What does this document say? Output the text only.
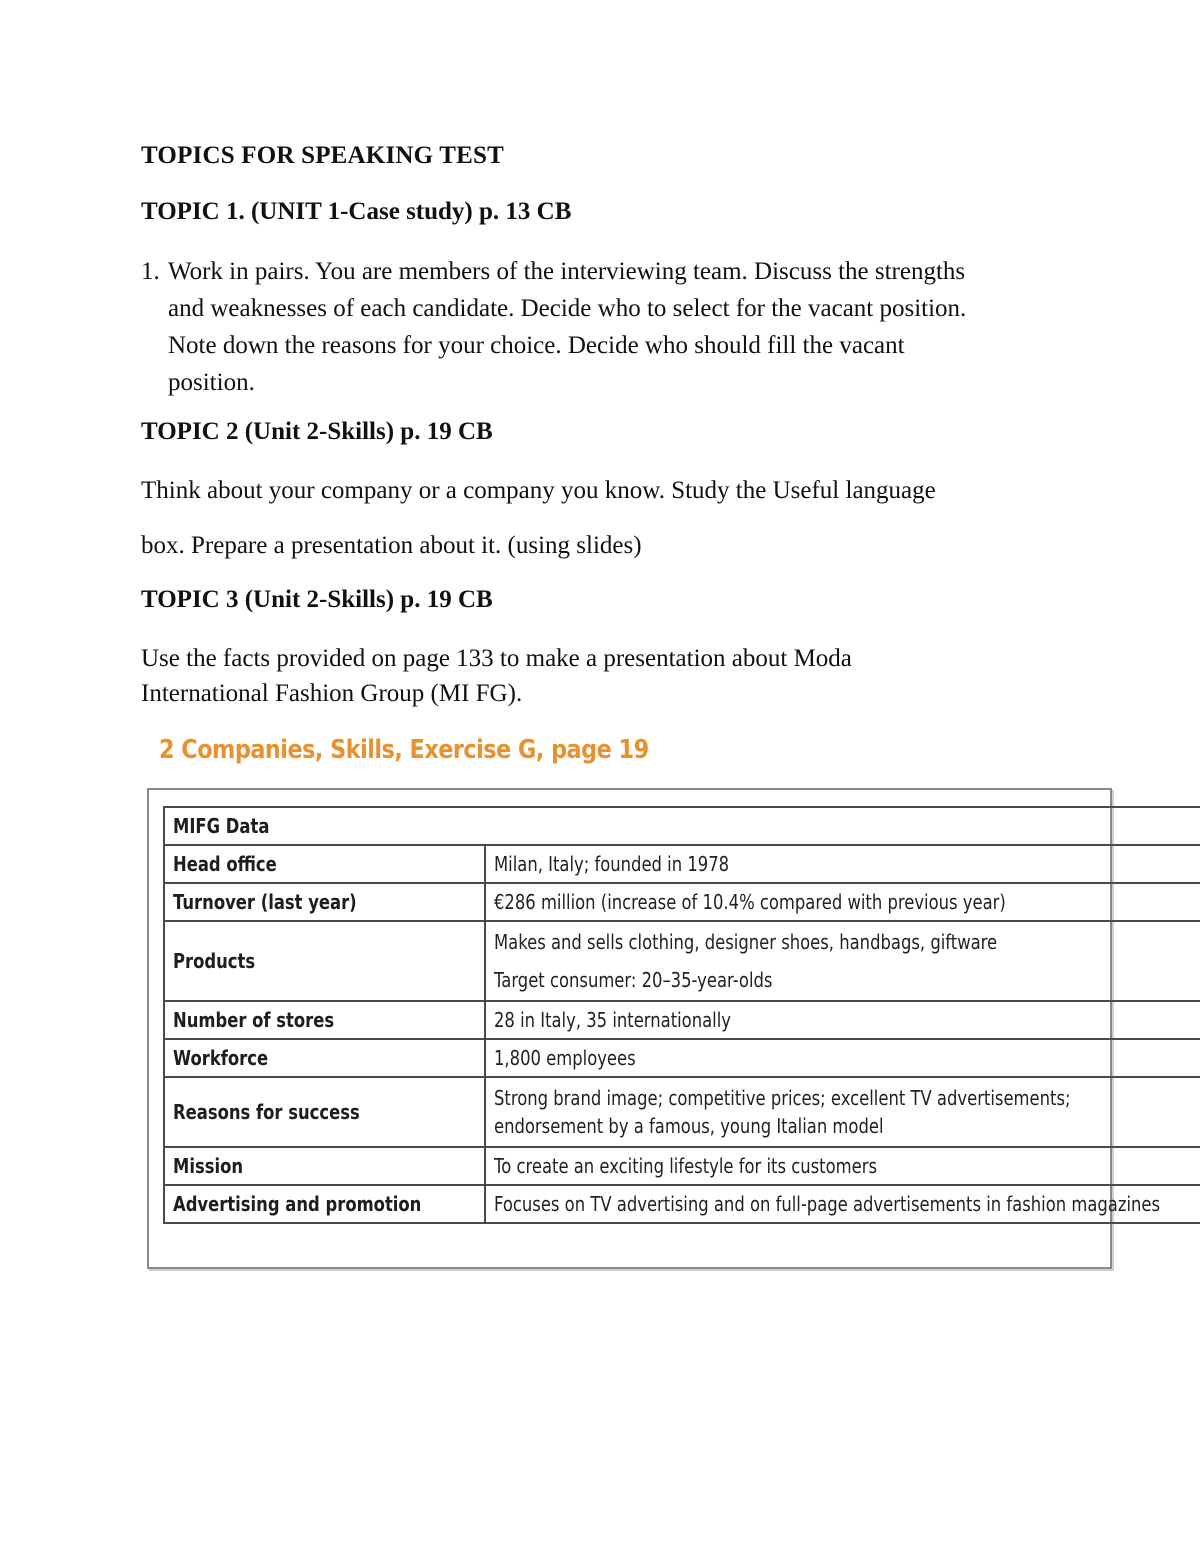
TOPICS FOR SPEAKING TEST
TOPIC 1. (UNIT 1-Case study) p. 13 CB
1. Work in pairs. You are members of the interviewing team. Discuss the strengths
and weaknesses of each candidate. Decide who to select for the vacant position.
Note down the reasons for your choice. Decide who should fill the vacant
position.
TOPIC 2 (Unit 2-Skills) p. 19 CB
Think about your company or a company you know. Study the Useful language
box. Prepare a presentation about it. (using slides)
TOPIC 3 (Unit 2-Skills) p. 19 CB
Use the facts provided on page 133 to make a presentation about Moda
International Fashion Group (MI FG).
2 Companies, Skills, Exercise G, page 19
MIFG Data	
Head office	Milan, Italy; founded in 1978
Turnover (last year)	€286 million (increase of 10.4% compared with previous year)
Products	Makes and sells clothing, designer shoes, handbags, giftware
Target consumer: 20–35-year-olds

Number of stores	28 in Italy, 35 internationally
Workforce	1,800 employees
Reasons for success	Strong brand image; competitive prices; excellent TV advertisements;
endorsement by a famous, young Italian model

Mission	To create an exciting lifestyle for its customers
Advertising and promotion	Focuses on TV advertising and on full-page advertisements in fashion magazines
